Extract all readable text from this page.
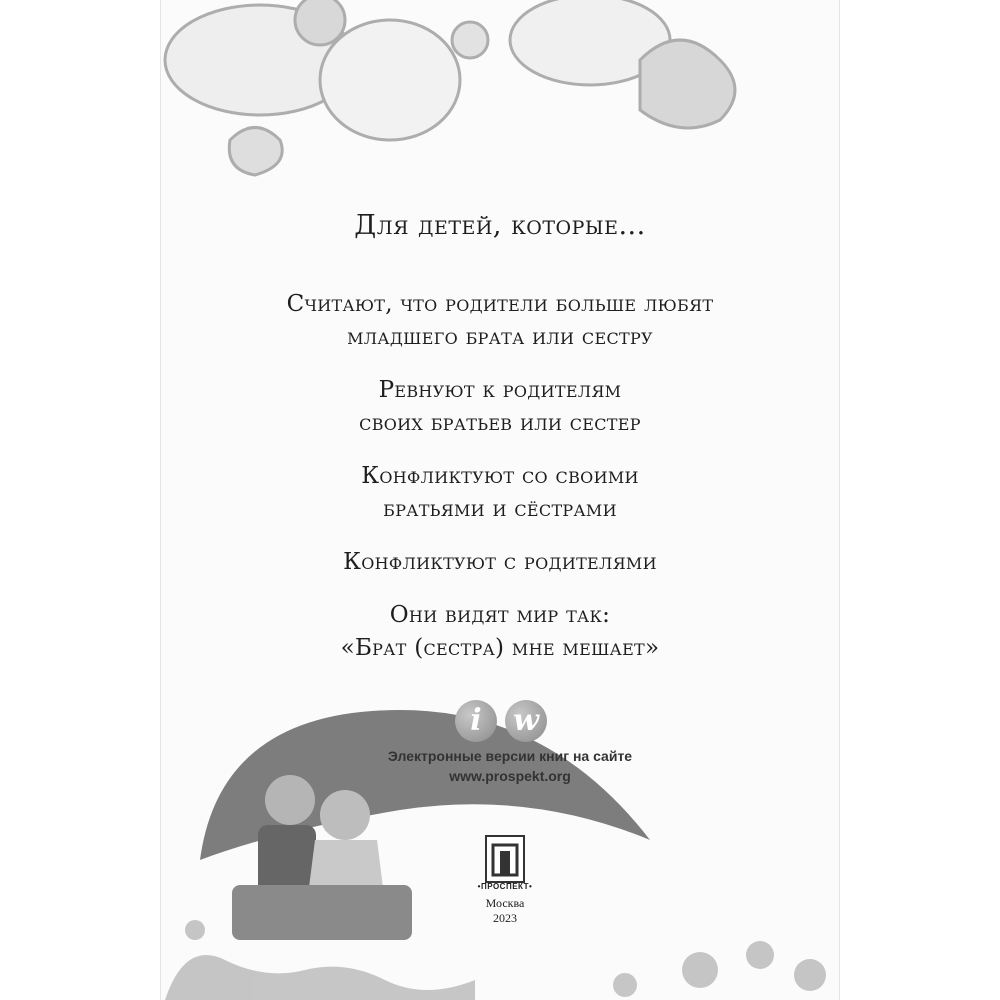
Для детей, которые...
Считают, что родители больше любят
младшего брата или сестру
Ревнуют к родителям
своих братьев или сестер
Конфликтуют со своими
братьями и сёстрами
Конфликтуют с родителями
Они видят мир так:
«Брат (сестра) мне мешает»
i	w
Электронные версии книг на сайте
www.prospekt.org
•ПРОСПЕКТ•
Москва
2023
